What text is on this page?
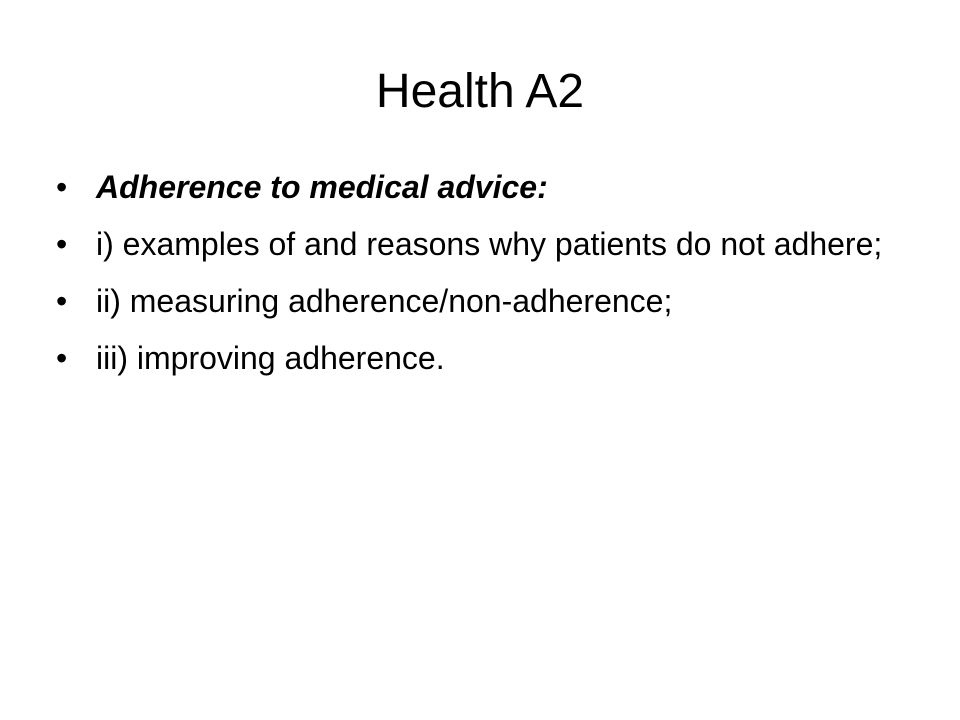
Health A2
• Adherence to medical advice:
• i) examples of and reasons why patients do not adhere;
• ii) measuring adherence/non-adherence;
• iii) improving adherence.
